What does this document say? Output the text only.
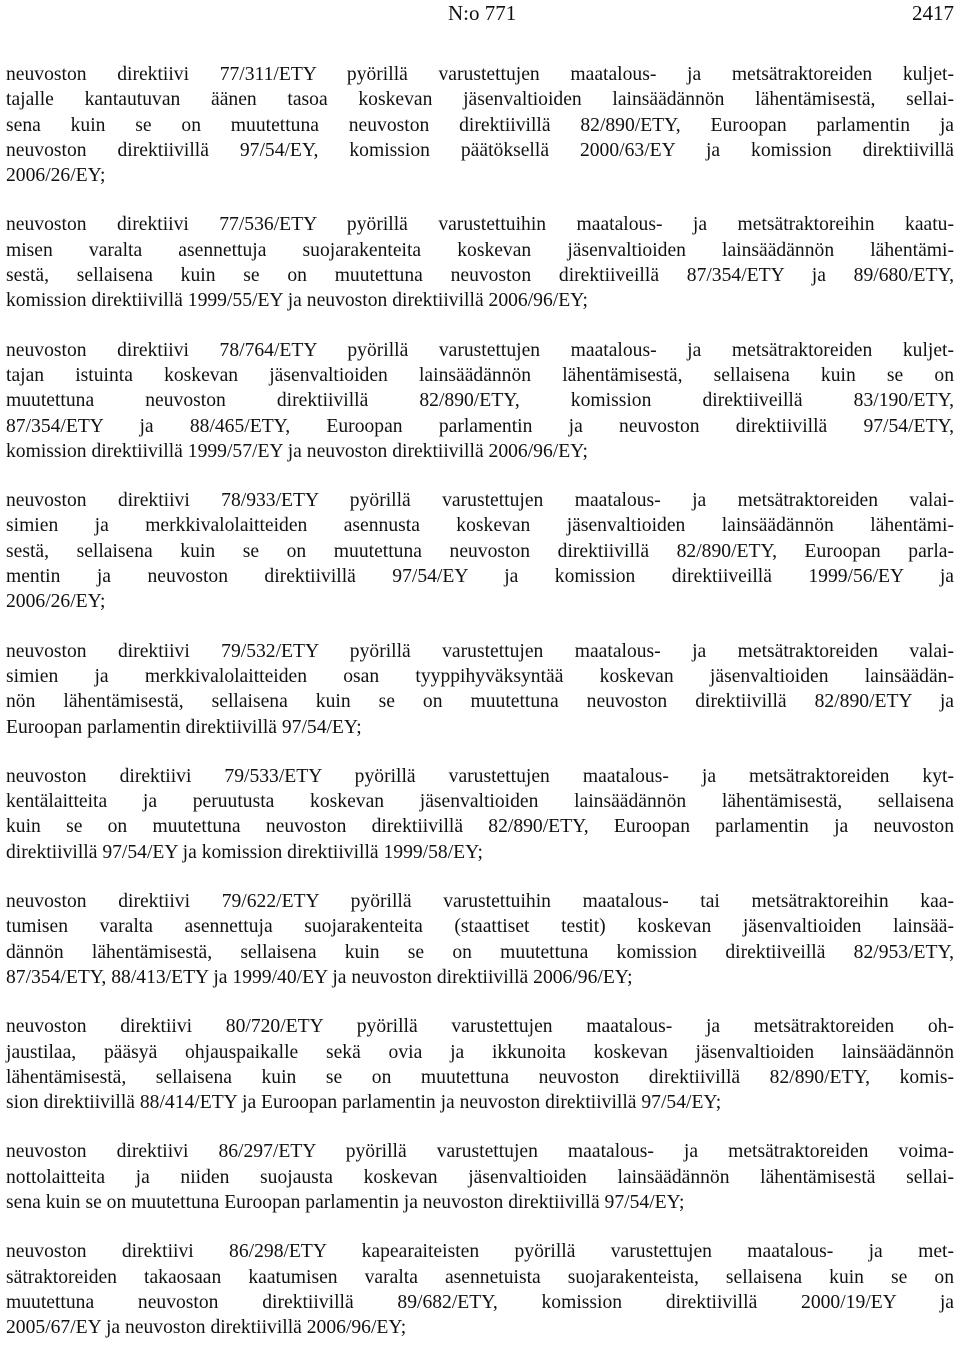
N:o 771	2417

neuvoston direktiivi 77/311/ETY pyörillä varustettujen maatalous- ja metsätraktoreiden kuljet-
tajalle kantautuvan äänen tasoa koskevan jäsenvaltioiden lainsäädännön lähentämisestä, sellai-
sena kuin se on muutettuna neuvoston direktiivillä 82/890/ETY, Euroopan parlamentin ja
neuvoston direktiivillä 97/54/EY, komission päätöksellä 2000/63/EY ja komission direktiivillä
2006/26/EY;

neuvoston direktiivi 77/536/ETY pyörillä varustettuihin maatalous- ja metsätraktoreihin kaatu-
misen varalta asennettuja suojarakenteita koskevan jäsenvaltioiden lainsäädännön lähentämi-
sestä, sellaisena kuin se on muutettuna neuvoston direktiiveillä 87/354/ETY ja 89/680/ETY,
komission direktiivillä 1999/55/EY ja neuvoston direktiivillä 2006/96/EY;

neuvoston direktiivi 78/764/ETY pyörillä varustettujen maatalous- ja metsätraktoreiden kuljet-
tajan istuinta koskevan jäsenvaltioiden lainsäädännön lähentämisestä, sellaisena kuin se on
muutettuna neuvoston direktiivillä 82/890/ETY, komission direktiiveillä 83/190/ETY,
87/354/ETY ja 88/465/ETY, Euroopan parlamentin ja neuvoston direktiivillä 97/54/ETY,
komission direktiivillä 1999/57/EY ja neuvoston direktiivillä 2006/96/EY;

neuvoston direktiivi 78/933/ETY pyörillä varustettujen maatalous- ja metsätraktoreiden valai-
simien ja merkkivalolaitteiden asennusta koskevan jäsenvaltioiden lainsäädännön lähentämi-
sestä, sellaisena kuin se on muutettuna neuvoston direktiivillä 82/890/ETY, Euroopan parla-
mentin ja neuvoston direktiivillä 97/54/EY ja komission direktiiveillä 1999/56/EY ja
2006/26/EY;

neuvoston direktiivi 79/532/ETY pyörillä varustettujen maatalous- ja metsätraktoreiden valai-
simien ja merkkivalolaitteiden osan tyyppihyväksyntää koskevan jäsenvaltioiden lainsäädän-
nön lähentämisestä, sellaisena kuin se on muutettuna neuvoston direktiivillä 82/890/ETY ja
Euroopan parlamentin direktiivillä 97/54/EY;

neuvoston direktiivi 79/533/ETY pyörillä varustettujen maatalous- ja metsätraktoreiden kyt-
kentälaitteita ja peruutusta koskevan jäsenvaltioiden lainsäädännön lähentämisestä, sellaisena
kuin se on muutettuna neuvoston direktiivillä 82/890/ETY, Euroopan parlamentin ja neuvoston
direktiivillä 97/54/EY ja komission direktiivillä 1999/58/EY;

neuvoston direktiivi 79/622/ETY pyörillä varustettuihin maatalous- tai metsätraktoreihin kaa-
tumisen varalta asennettuja suojarakenteita (staattiset testit) koskevan jäsenvaltioiden lainsää-
dännön lähentämisestä, sellaisena kuin se on muutettuna komission direktiiveillä 82/953/ETY,
87/354/ETY, 88/413/ETY ja 1999/40/EY ja neuvoston direktiivillä 2006/96/EY;

neuvoston direktiivi 80/720/ETY pyörillä varustettujen maatalous- ja metsätraktoreiden oh-
jaustilaa, pääsyä ohjauspaikalle sekä ovia ja ikkunoita koskevan jäsenvaltioiden lainsäädännön
lähentämisestä, sellaisena kuin se on muutettuna neuvoston direktiivillä 82/890/ETY, komis-
sion direktiivillä 88/414/ETY ja Euroopan parlamentin ja neuvoston direktiivillä 97/54/EY;

neuvoston direktiivi 86/297/ETY pyörillä varustettujen maatalous- ja metsätraktoreiden voima-
nottolaitteita ja niiden suojausta koskevan jäsenvaltioiden lainsäädännön lähentämisestä sellai-
sena kuin se on muutettuna Euroopan parlamentin ja neuvoston direktiivillä 97/54/EY;

neuvoston direktiivi 86/298/ETY kapearaiteisten pyörillä varustettujen maatalous- ja met-
sätraktoreiden takaosaan kaatumisen varalta asennetuista suojarakenteista, sellaisena kuin se on
muutettuna neuvoston direktiivillä 89/682/ETY, komission direktiivillä 2000/19/EY ja
2005/67/EY ja neuvoston direktiivillä 2006/96/EY;
